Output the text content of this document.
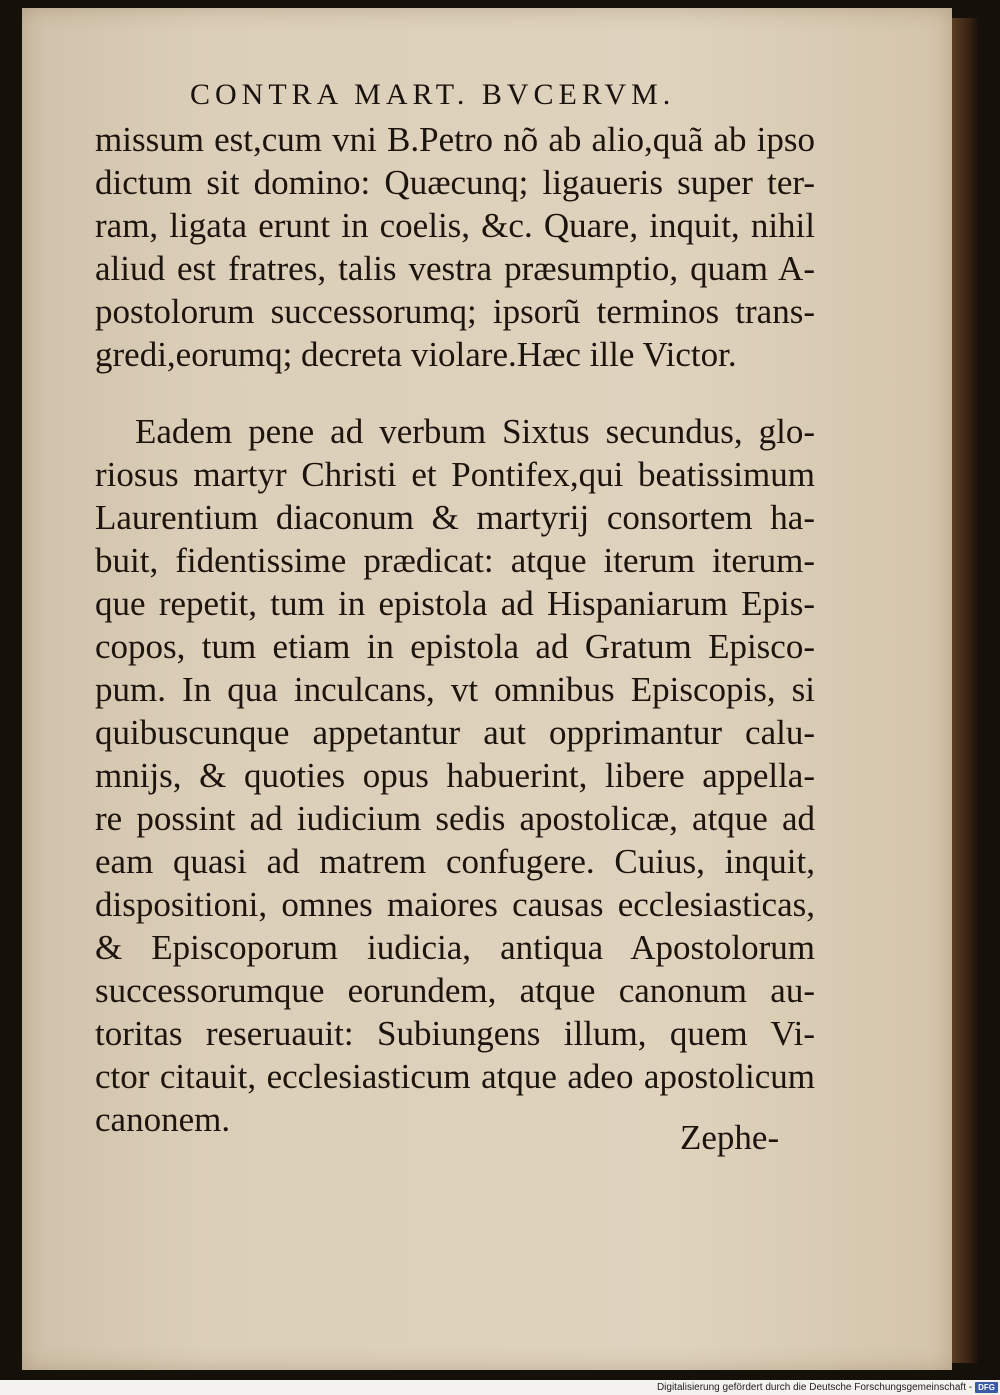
CONTRA MART. BVCERVM.
missum est,cum vni B.Petro nõ ab alio,quã ab ipso
dictum sit domino: Quæcunq; ligaueris super ter-
ram, ligata erunt in coelis, &c. Quare, inquit, nihil
aliud est fratres, talis vestra præsumptio, quam A-
postolorum successorumq; ipsorũ terminos trans-
gredi,eorumq; decreta violare.Hæc ille Victor.
Eadem pene ad verbum Sixtus secundus, glo-
riosus martyr Christi et Pontifex,qui beatissimum
Laurentium diaconum & martyrij consortem ha-
buit, fidentissime prædicat: atque iterum iterum-
que repetit, tum in epistola ad Hispaniarum Epis-
copos, tum etiam in epistola ad Gratum Episco-
pum. In qua inculcans, vt omnibus Episcopis, si
quibuscunque appetantur aut opprimantur calu-
mnijs, & quoties opus habuerint, libere appella-
re possint ad iudicium sedis apostolicæ, atque ad
eam quasi ad matrem confugere. Cuius, inquit,
dispositioni, omnes maiores causas ecclesiasticas,
& Episcoporum iudicia, antiqua Apostolorum
successorumque eorundem, atque canonum au-
toritas reseruauit: Subiungens illum, quem Vi-
ctor citauit, ecclesiasticum atque adeo apostolicum
canonem.	Zephe-
Digitalisierung gefördert durch die Deutsche Forschungsgemeinschaft - DFG
